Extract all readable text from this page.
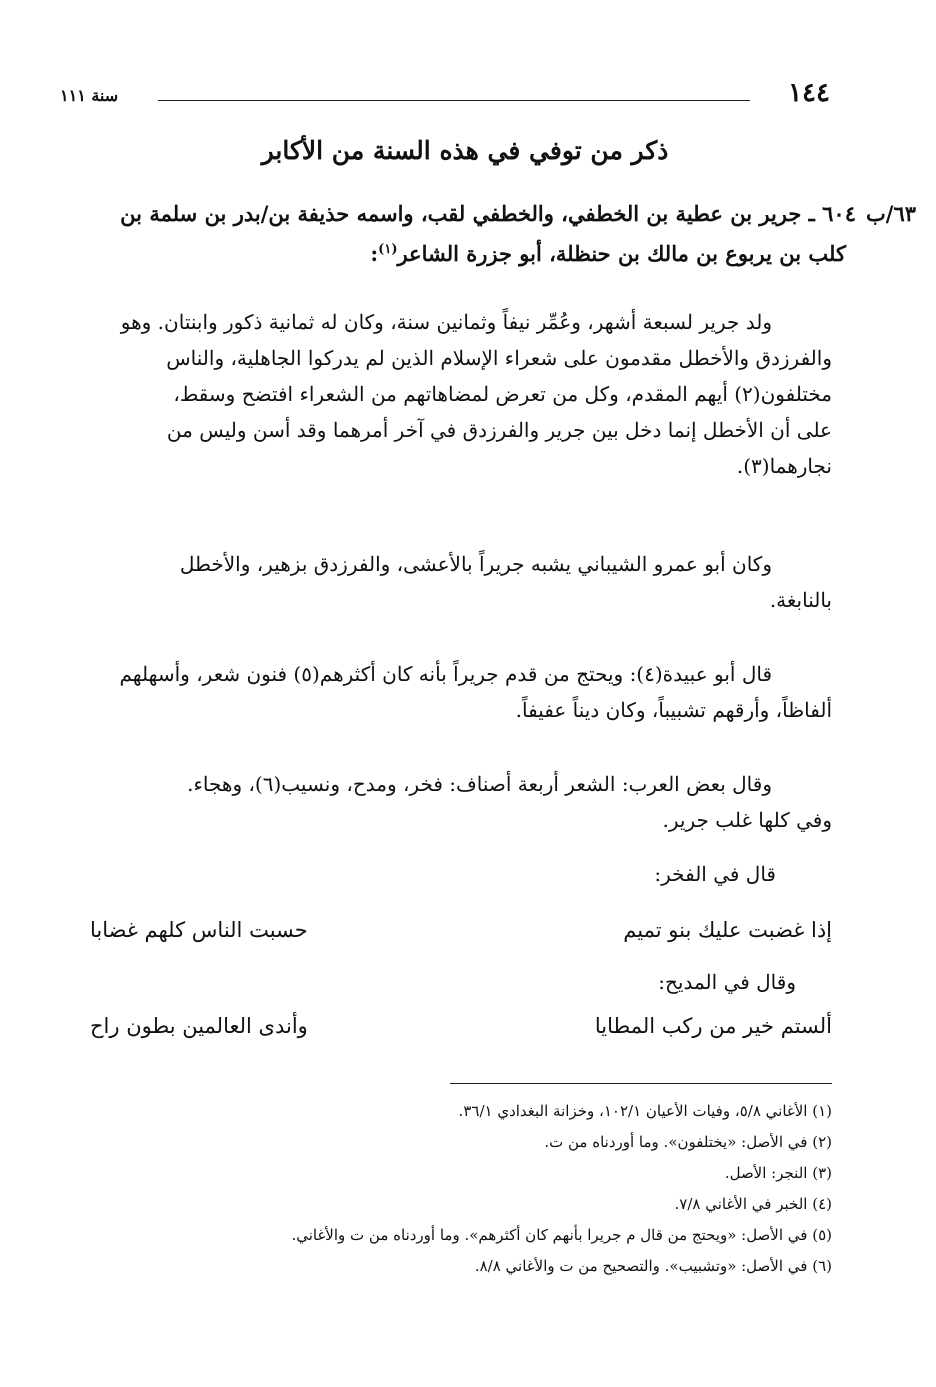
١٤٤
سنة ١١١
ذكر من توفي في هذه السنة من الأكابر
٦٣/ب٦٠٤ ـ جرير بن عطية بن الخطفي، والخطفي لقب، واسمه حذيفة بن/بدر بن سلمة بن
كلب بن يربوع بن مالك بن حنظلة، أبو جزرة الشاعر$^{(١)}$:
ولد جرير لسبعة أشهر، وعُمِّر نيفاً وثمانين سنة، وكان له ثمانية ذكور وابنتان. وهو
والفرزدق والأخطل مقدمون على شعراء الإسلام الذين لم يدركوا الجاهلية، والناس
مختلفون(٢) أيهم المقدم، وكل من تعرض لمضاهاتهم من الشعراء افتضح وسقط،
على أن الأخطل إنما دخل بين جرير والفرزدق في آخر أمرهما وقد أسن وليس من
نجارهما(٣).
وكان أبو عمرو الشيباني يشبه جريراً بالأعشى، والفرزدق بزهير، والأخطل
بالنابغة.
قال أبو عبيدة(٤): ويحتج من قدم جريراً بأنه كان أكثرهم(٥) فنون شعر، وأسهلهم
ألفاظاً، وأرقهم تشبيباً، وكان ديناً عفيفاً.
وقال بعض العرب: الشعر أربعة أصناف: فخر، ومدح، ونسيب(٦)، وهجاء.
وفي كلها غلب جرير.
قال في الفخر:
إذا غضبت عليك بنو تميم
حسبت الناس كلهم غضابا
وقال في المديح:
ألستم خير من ركب المطايا
وأندى العالمين بطون راح
(١) الأغاني ٥/٨، وفيات الأعيان ١٠٢/١، وخزانة البغدادي ٣٦/١.
(٢) في الأصل: «يختلفون». وما أوردناه من ت.
(٣) النجر: الأصل.
(٤) الخبر في الأغاني ٧/٨.
(٥) في الأصل: «ويحتج من قال م جريرا بأنهم كان أكثرهم». وما أوردناه من ت والأغاني.
(٦) في الأصل: «وتشبيب». والتصحيح من ت والأغاني ٨/٨.
